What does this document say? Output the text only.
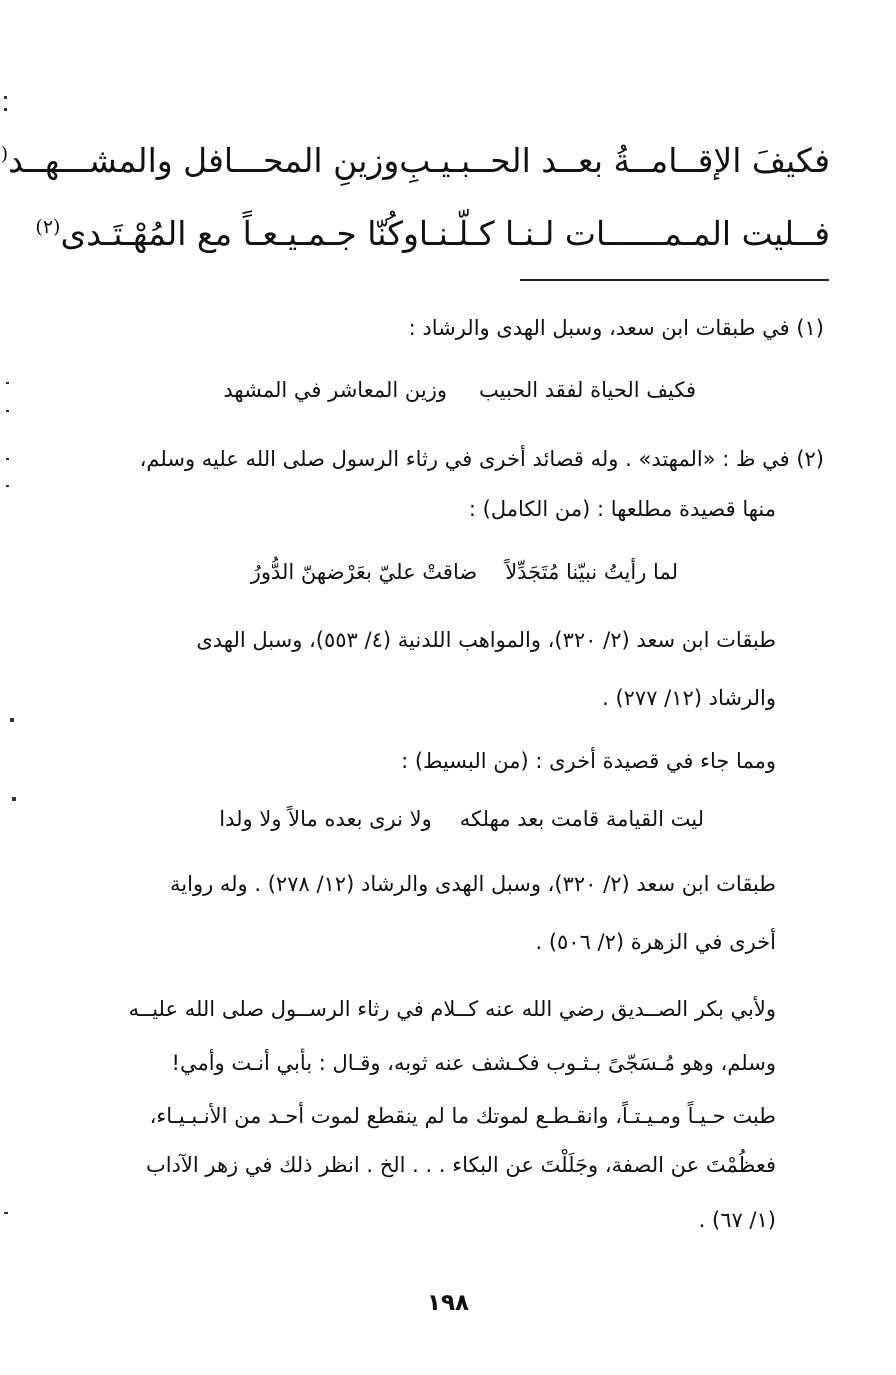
فكيفَ الإقــامــةُ بعــد الحــبـيـبِ
وزينِ المحـــافل والمشـــهــد(
فــليت المـمــــــات لـنـا كـلّـنـا
وكُنّا جـمـيـعـاً مع المُهْـتَـدى$^{(٢)}$
(١) في طبقات ابن سعد، وسبل الهدى والرشاد :
فكيف الحياة لفقد الحبيب
وزين المعاشر في المشهد
(٢) في ظ : «المهتد» . وله قصائد أخرى في رثاء الرسول صلى الله عليه وسلم،
منها قصيدة مطلعها : (من الكامل) :
لما رأيتُ نبيّنا مُتَجَدِّلاً
ضاقتْ عليّ بعَرْضهنّ الدُّورُ
طبقات ابن سعد (٢/ ٣٢٠)، والمواهب اللدنية (٤/ ٥٥٣)، وسبل الهدى
والرشاد (١٢/ ٢٧٧) .
ومما جاء في قصيدة أخرى : (من البسيط) :
ليت القيامة قامت بعد مهلكه
ولا نرى بعده مالاً ولا ولدا
طبقات ابن سعد (٢/ ٣٢٠)، وسبل الهدى والرشاد (١٢/ ٢٧٨) . وله رواية
أخرى في الزهرة (٢/ ٥٠٦) .
ولأبي بكر الصــديق رضي الله عنه كــلام في رثاء الرســول صلى الله عليــه
وسلم، وهو مُـسَجّىً بـثـوب فكـشف عنه ثوبه، وقـال : بأبي أنـت وأمي!
طبت حـيـاً ومـيـتـاً، وانقـطـع لموتك ما لم ينقطع لموت أحـد من الأنـبـيـاء،
فعظُمْتَ عن الصفة، وجَلَلْتَ عن البكاء . . . الخ . انظر ذلك في زهر الآداب
(١/ ٦٧) .
١٩٨
